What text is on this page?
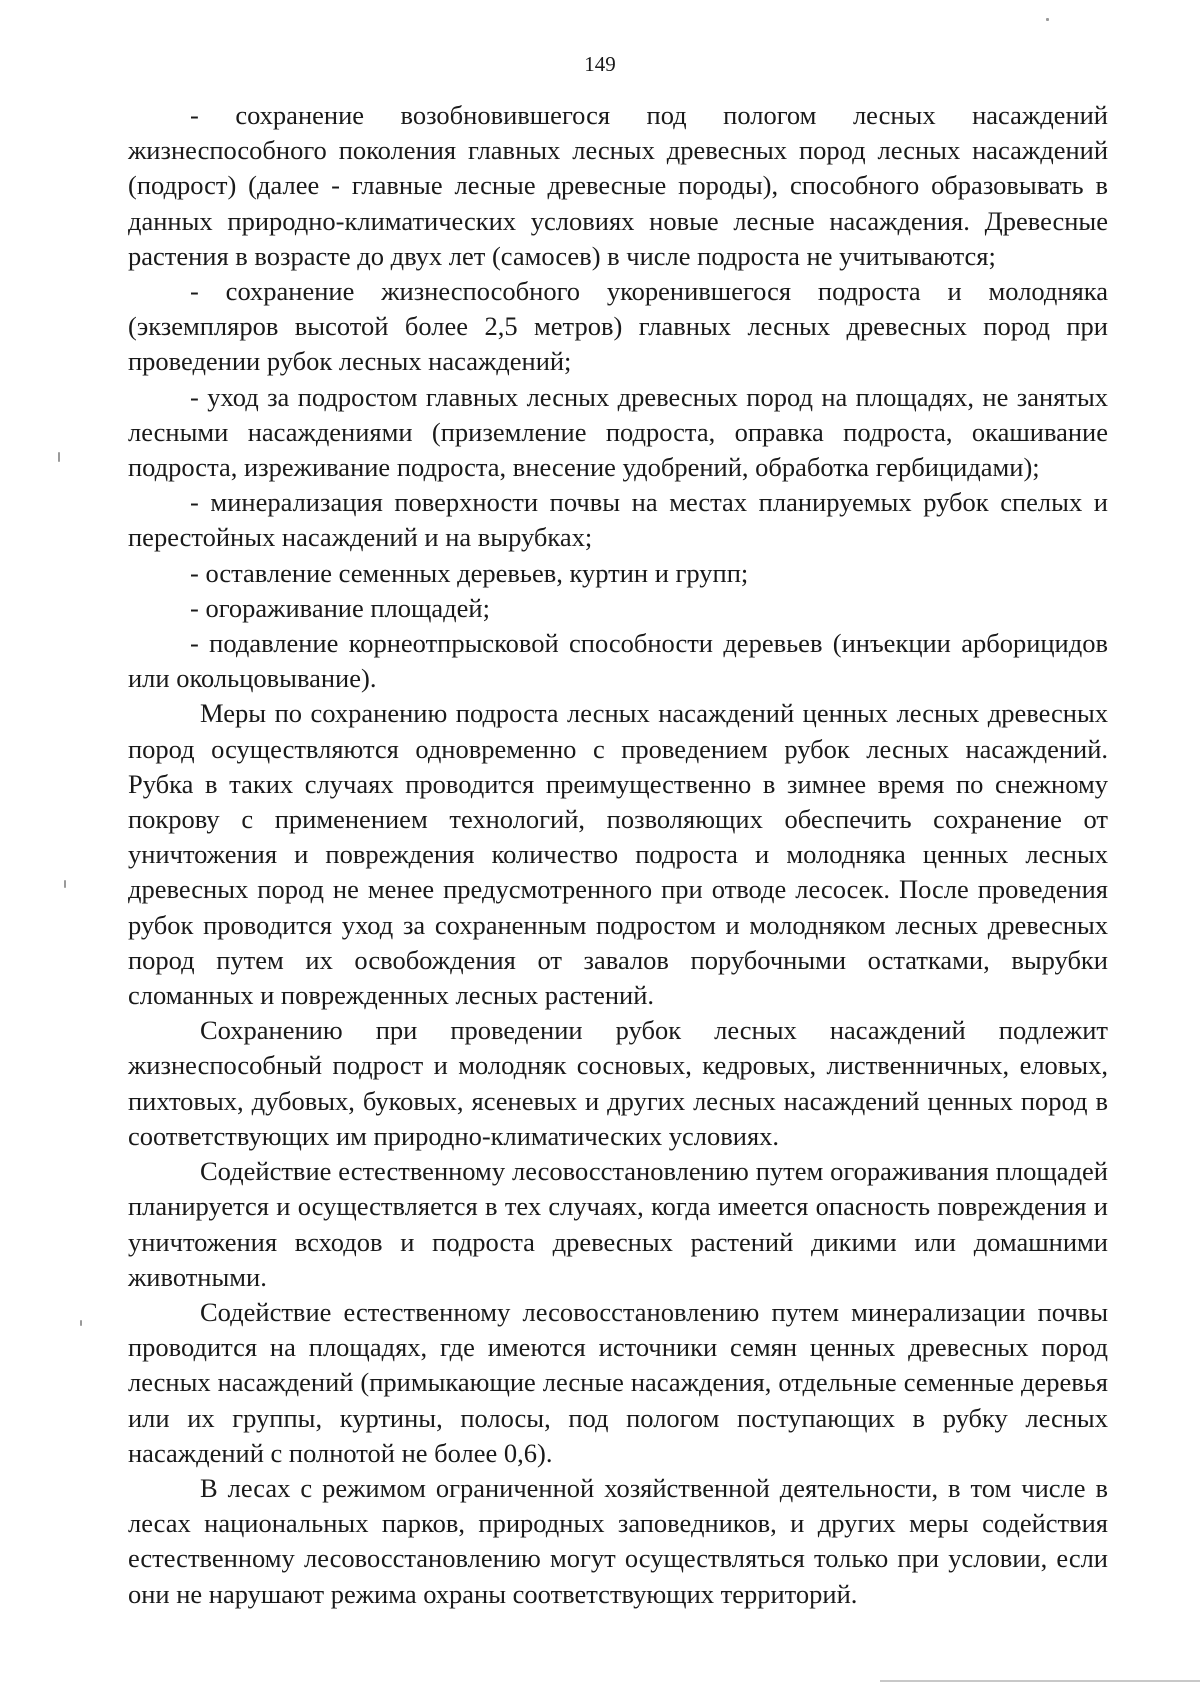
149

- сохранение возобновившегося под пологом лесных насаждений жизнеспособного поколения главных лесных древесных пород лесных насаждений (подрост) (далее - главные лесные древесные породы), способного образовывать в данных природно-климатических условиях новые лесные насаждения. Древесные растения в возрасте до двух лет (самосев) в числе подроста не учитываются;

- сохранение жизнеспособного укоренившегося подроста и молодняка (экземпляров высотой более 2,5 метров) главных лесных древесных пород при проведении рубок лесных насаждений;

- уход за подростом главных лесных древесных пород на площадях, не занятых лесными насаждениями (приземление подроста, оправка подроста, окашивание подроста, изреживание подроста, внесение удобрений, обработка гербицидами);

- минерализация поверхности почвы на местах планируемых рубок спелых и перестойных насаждений и на вырубках;

- оставление семенных деревьев, куртин и групп;

- огораживание площадей;

- подавление корнеотпрысковой способности деревьев (инъекции арборицидов или окольцовывание).

Меры по сохранению подроста лесных насаждений ценных лесных древесных пород осуществляются одновременно с проведением рубок лесных насаждений. Рубка в таких случаях проводится преимущественно в зимнее время по снежному покрову с применением технологий, позволяющих обеспечить сохранение от уничтожения и повреждения количество подроста и молодняка ценных лесных древесных пород не менее предусмотренного при отводе лесосек. После проведения рубок проводится уход за сохраненным подростом и молодняком лесных древесных пород путем их освобождения от завалов порубочными остатками, вырубки сломанных и поврежденных лесных растений.

Сохранению при проведении рубок лесных насаждений подлежит жизнеспособный подрост и молодняк сосновых, кедровых, лиственничных, еловых, пихтовых, дубовых, буковых, ясеневых и других лесных насаждений ценных пород в соответствующих им природно-климатических условиях.

Содействие естественному лесовосстановлению путем огораживания площадей планируется и осуществляется в тех случаях, когда имеется опасность повреждения и уничтожения всходов и подроста древесных растений дикими или домашними животными.

Содействие естественному лесовосстановлению путем минерализации почвы проводится на площадях, где имеются источники семян ценных древесных пород лесных насаждений (примыкающие лесные насаждения, отдельные семенные деревья или их группы, куртины, полосы, под пологом поступающих в рубку лесных насаждений с полнотой не более 0,6).

В лесах с режимом ограниченной хозяйственной деятельности, в том числе в лесах национальных парков, природных заповедников, и других меры содействия естественному лесовосстановлению могут осуществляться только при условии, если они не нарушают режима охраны соответствующих территорий.
